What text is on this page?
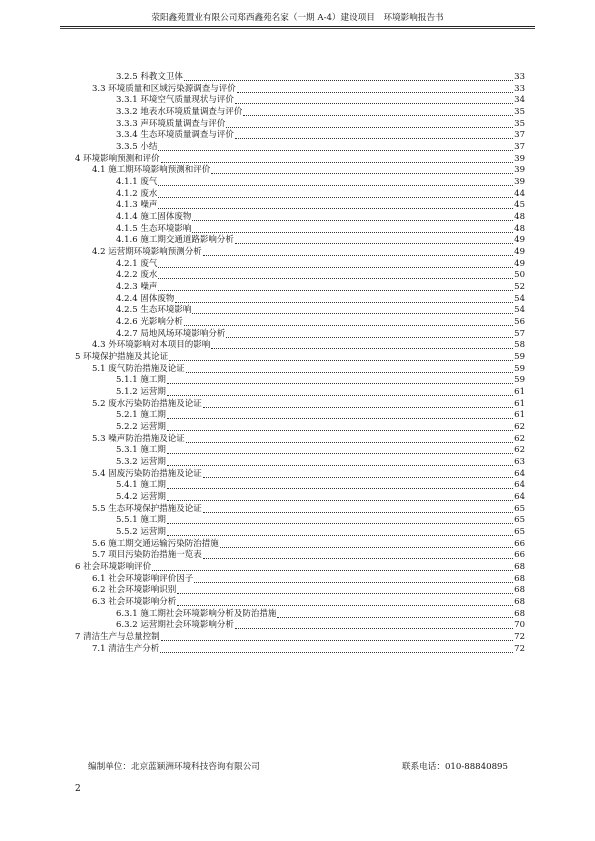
荥阳鑫苑置业有限公司郑西鑫苑名家（一期 A-4）建设项目　环境影响报告书
3.2.5 科教文卫体	33
3.3 环境质量和区域污染源调查与评价	33
3.3.1 环境空气质量现状与评价	34
3.3.2 地表水环境质量调查与评价	35
3.3.3 声环境质量调查与评价	35
3.3.4 生态环境质量调查与评价	37
3.3.5 小结	37
4 环境影响预测和评价	39
4.1 施工期环境影响预测和评价	39
4.1.1 废气	39
4.1.2 废水	44
4.1.3 噪声	45
4.1.4 施工固体废物	48
4.1.5 生态环境影响	48
4.1.6 施工期交通道路影响分析	49
4.2 运营期环境影响预测分析	49
4.2.1 废气	49
4.2.2 废水	50
4.2.3 噪声	52
4.2.4 固体废物	54
4.2.5 生态环境影响	54
4.2.6 光影响分析	56
4.2.7 局地风场环境影响分析	57
4.3 外环境影响对本项目的影响	58
5 环境保护措施及其论证	59
5.1 废气防治措施及论证	59
5.1.1 施工期	59
5.1.2 运营期	61
5.2 废水污染防治措施及论证	61
5.2.1 施工期	61
5.2.2 运营期	62
5.3 噪声防治措施及论证	62
5.3.1 施工期	62
5.3.2 运营期	63
5.4 固废污染防治措施及论证	64
5.4.1 施工期	64
5.4.2 运营期	64
5.5 生态环境保护措施及论证	65
5.5.1 施工期	65
5.5.2 运营期	65
5.6 施工期交通运输污染防治措施	66
5.7 项目污染防治措施一览表	66
6 社会环境影响评价	68
6.1 社会环境影响评价因子	68
6.2 社会环境影响识别	68
6.3 社会环境影响分析	68
6.3.1 施工期社会环境影响分析及防治措施	68
6.3.2 运营期社会环境影响分析	70
7 清洁生产与总量控制	72
7.1 清洁生产分析	72
编制单位：北京蓝颖洲环境科技咨询有限公司	联系电话：010-88840895
2
